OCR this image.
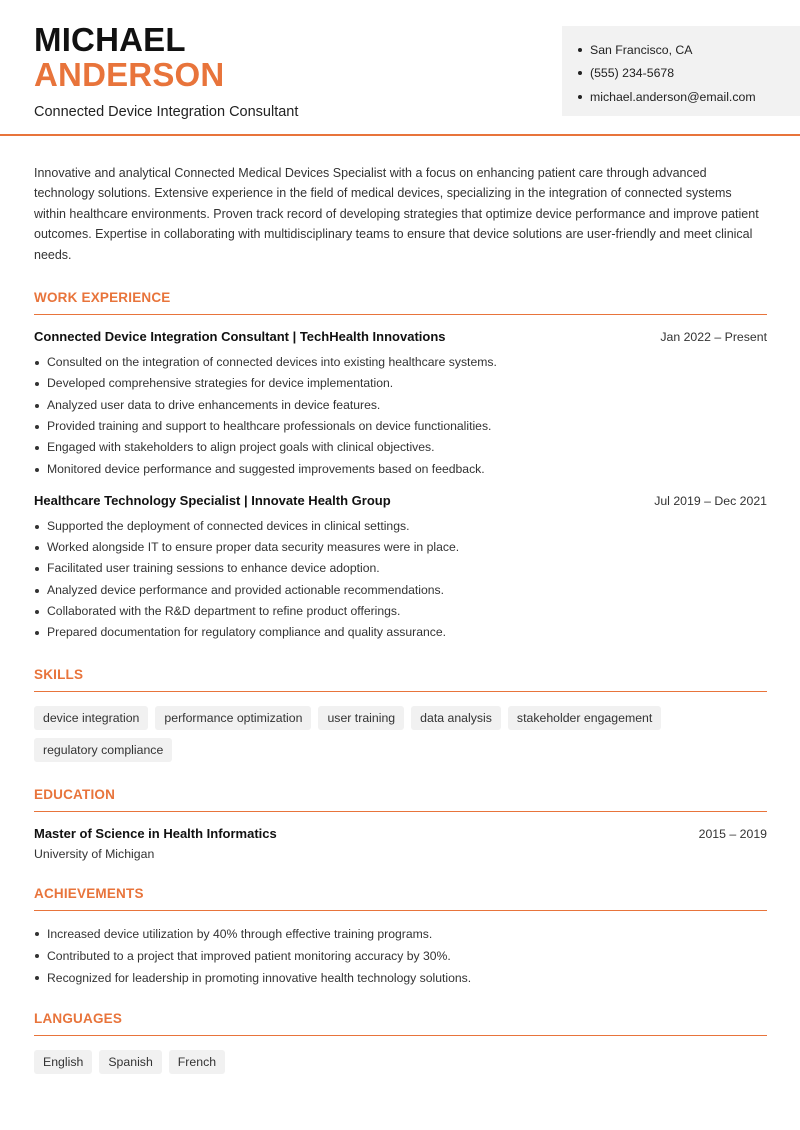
MICHAEL
ANDERSON
Connected Device Integration Consultant
San Francisco, CA
(555) 234-5678
michael.anderson@email.com

Innovative and analytical Connected Medical Devices Specialist with a focus on enhancing patient care through advanced technology solutions. Extensive experience in the field of medical devices, specializing in the integration of connected systems within healthcare environments. Proven track record of developing strategies that optimize device performance and improve patient outcomes. Expertise in collaborating with multidisciplinary teams to ensure that device solutions are user-friendly and meet clinical needs.

WORK EXPERIENCE
Connected Device Integration Consultant | TechHealth Innovations	Jan 2022 – Present
Consulted on the integration of connected devices into existing healthcare systems.
Developed comprehensive strategies for device implementation.
Analyzed user data to drive enhancements in device features.
Provided training and support to healthcare professionals on device functionalities.
Engaged with stakeholders to align project goals with clinical objectives.
Monitored device performance and suggested improvements based on feedback.
Healthcare Technology Specialist | Innovate Health Group	Jul 2019 – Dec 2021
Supported the deployment of connected devices in clinical settings.
Worked alongside IT to ensure proper data security measures were in place.
Facilitated user training sessions to enhance device adoption.
Analyzed device performance and provided actionable recommendations.
Collaborated with the R&D department to refine product offerings.
Prepared documentation for regulatory compliance and quality assurance.
SKILLS
device integration	performance optimization	user training	data analysis	stakeholder engagement
regulatory compliance
EDUCATION
Master of Science in Health Informatics	2015 – 2019
University of Michigan
ACHIEVEMENTS
Increased device utilization by 40% through effective training programs.
Contributed to a project that improved patient monitoring accuracy by 30%.
Recognized for leadership in promoting innovative health technology solutions.
LANGUAGES
English	Spanish	French
